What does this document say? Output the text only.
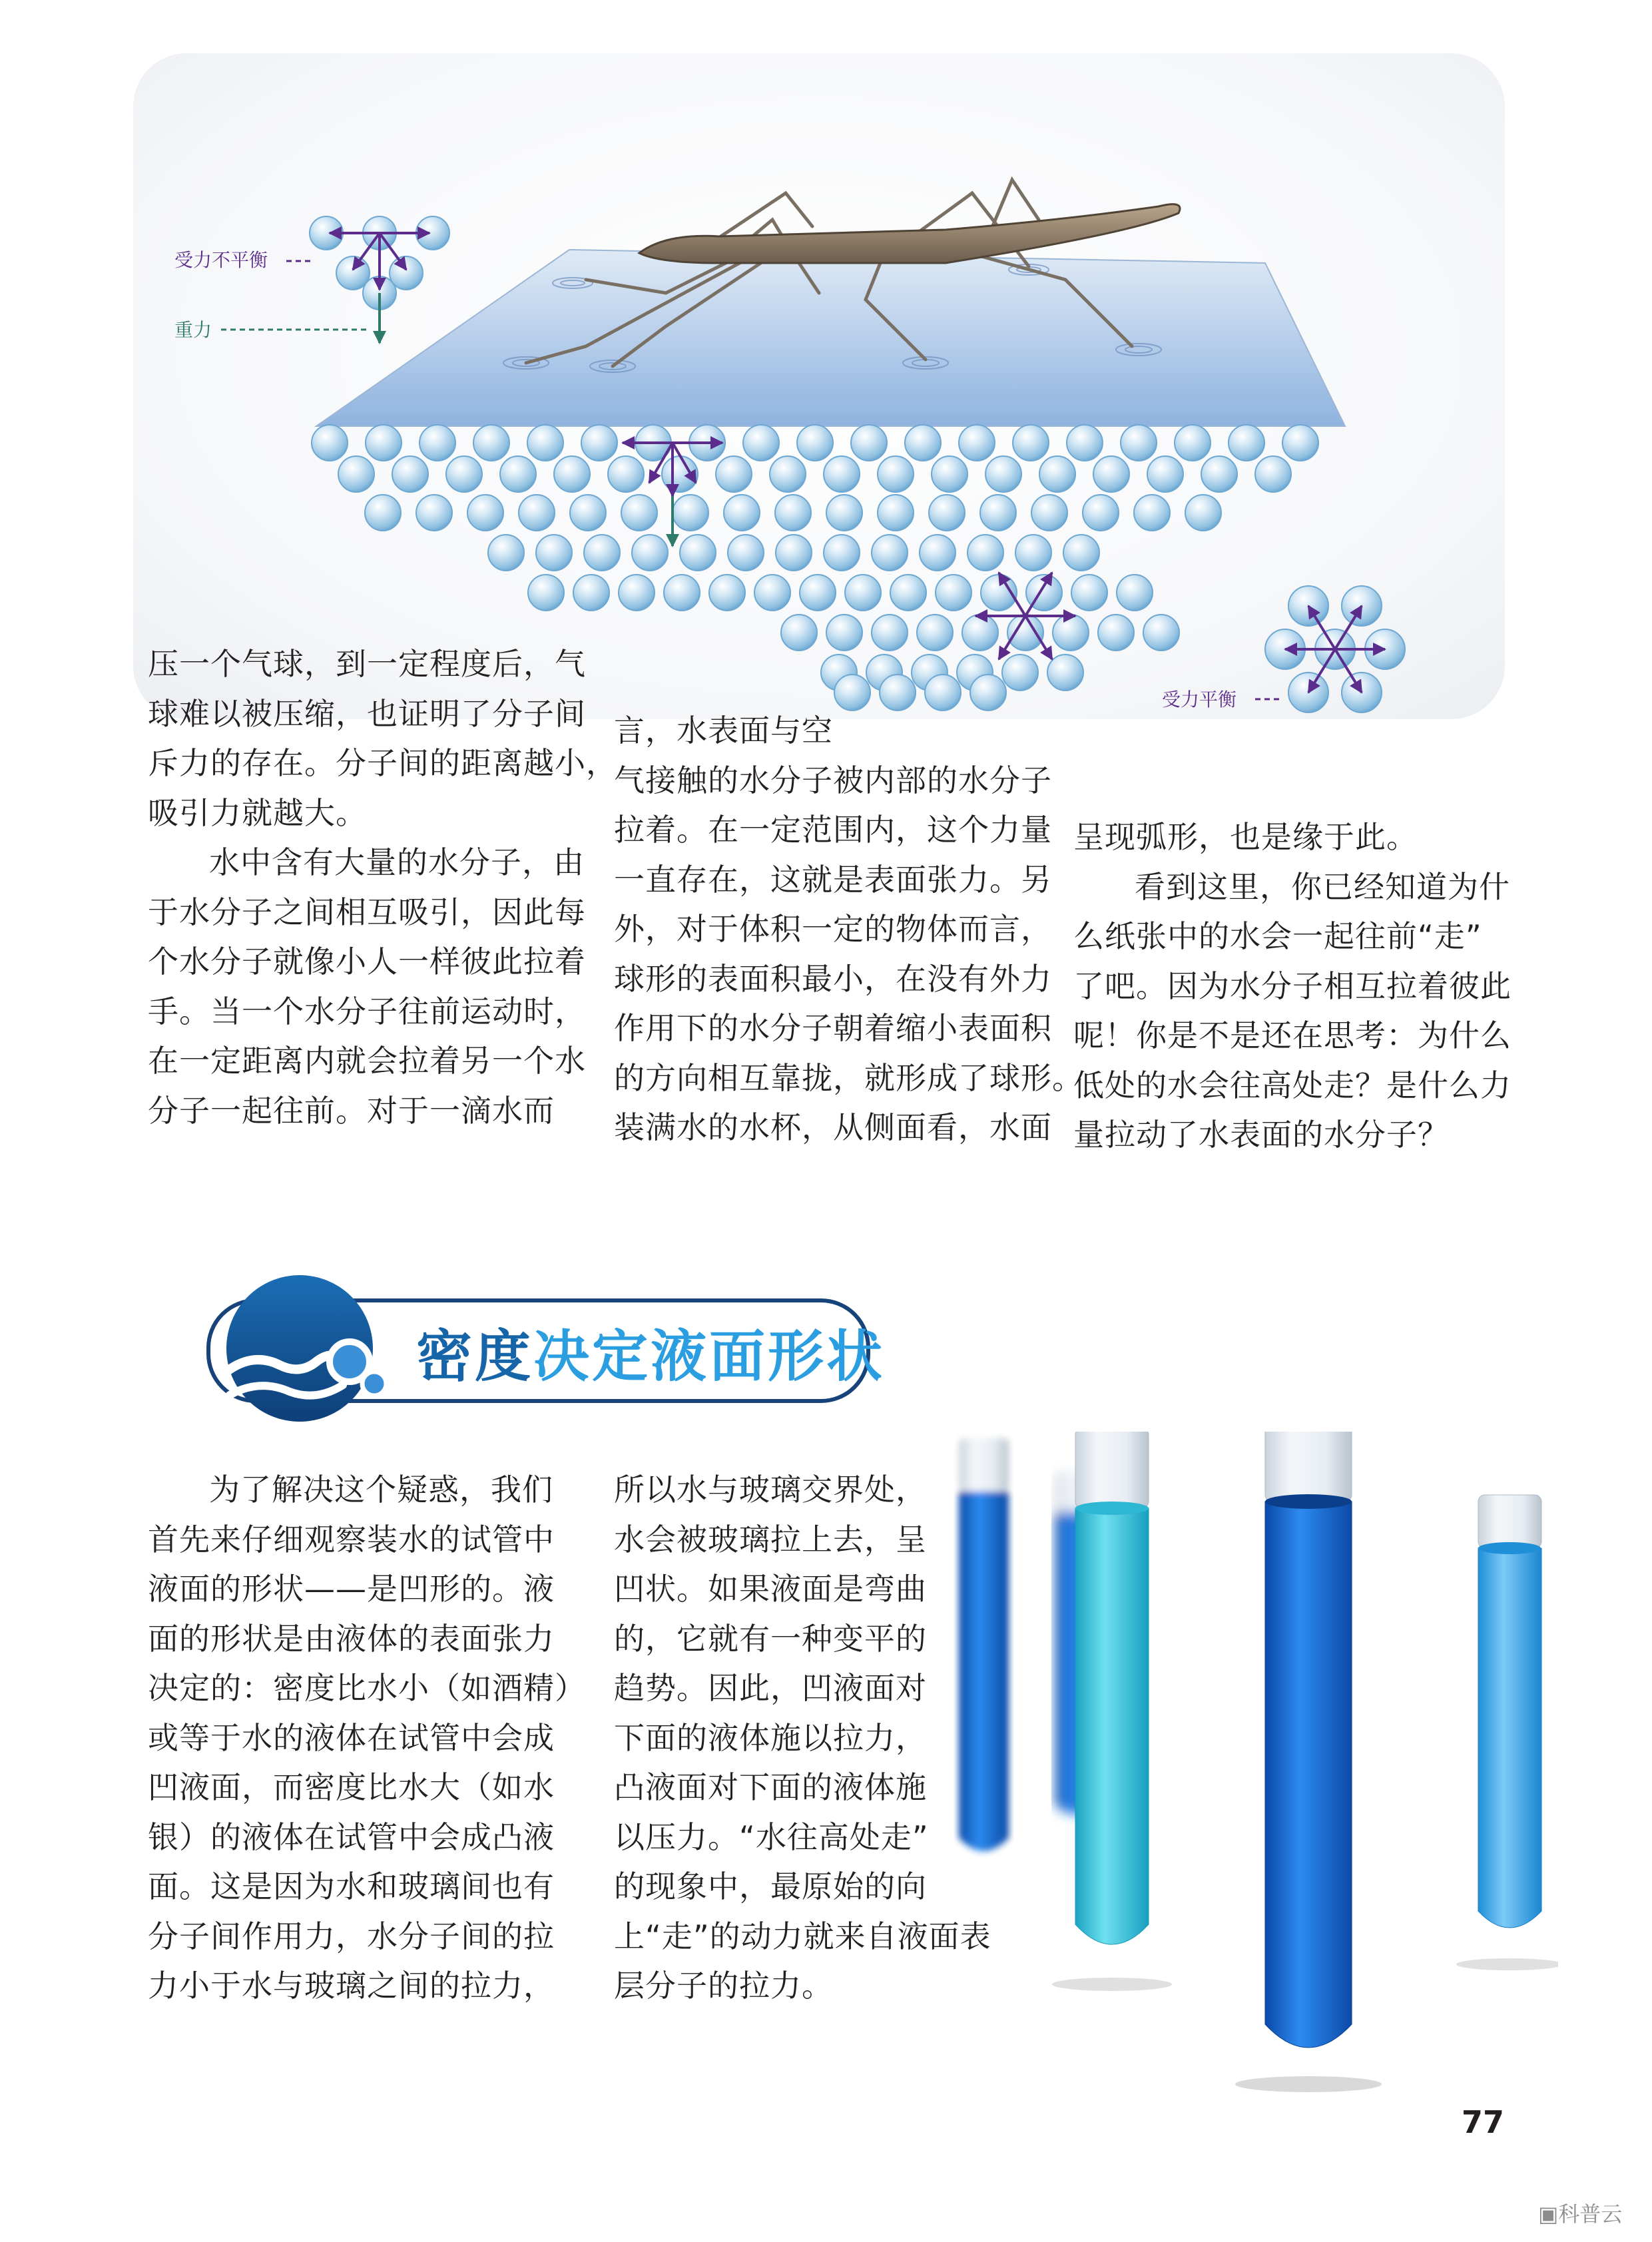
受力不平衡
重力
受力平衡

压一个气球，到一定程度后，气

球难以被压缩，也证明了分子间

斥力的存在。分子间的距离越小，

吸引力就越大。

水中含有大量的水分子，由

于水分子之间相互吸引，因此每

个水分子就像小人一样彼此拉着

手。当一个水分子往前运动时，

在一定距离内就会拉着另一个水

分子一起往前。对于一滴水而

言，水表面与空

气接触的水分子被内部的水分子

拉着。在一定范围内，这个力量

一直存在，这就是表面张力。另

外，对于体积一定的物体而言，

球形的表面积最小，在没有外力

作用下的水分子朝着缩小表面积

的方向相互靠拢，就形成了球形。

装满水的水杯，从侧面看，水面

呈现弧形，也是缘于此。

看到这里，你已经知道为什

么纸张中的水会一起往前“走”

了吧。因为水分子相互拉着彼此

呢！你是不是还在思考：为什么

低处的水会往高处走？是什么力

量拉动了水表面的水分子？

密度决定液面形状

为了解决这个疑惑，我们

首先来仔细观察装水的试管中

液面的形状——是凹形的。液

面的形状是由液体的表面张力

决定的：密度比水小（如酒精）

或等于水的液体在试管中会成

凹液面，而密度比水大（如水

银）的液体在试管中会成凸液

面。这是因为水和玻璃间也有

分子间作用力，水分子间的拉

力小于水与玻璃之间的拉力，

所以水与玻璃交界处，

水会被玻璃拉上去，呈

凹状。如果液面是弯曲

的，它就有一种变平的

趋势。因此，凹液面对

下面的液体施以拉力，

凸液面对下面的液体施

以压力。“水往高处走”

的现象中，最原始的向

上“走”的动力就来自液面表

层分子的拉力。

77
▣科普云
